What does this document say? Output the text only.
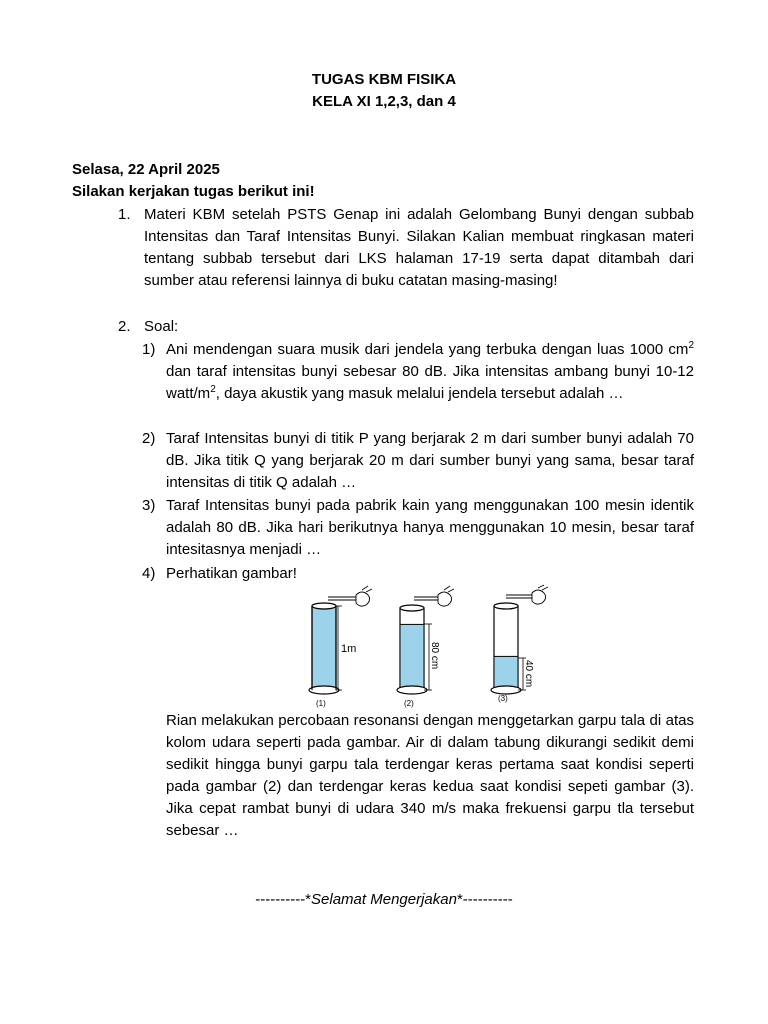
TUGAS KBM FISIKA
KELA XI 1,2,3, dan 4
Selasa, 22 April 2025
Silakan kerjakan tugas berikut ini!
1. Materi KBM setelah PSTS Genap ini adalah Gelombang Bunyi dengan subbab Intensitas dan Taraf Intensitas Bunyi. Silakan Kalian membuat ringkasan materi tentang subbab tersebut dari LKS halaman 17-19 serta dapat ditambah dari sumber atau referensi lainnya di buku catatan masing-masing!
2. Soal:
1) Ani mendengan suara musik dari jendela yang terbuka dengan luas 1000 $cm^2$ dan taraf intensitas bunyi sebesar 80 dB. Jika intensitas ambang bunyi 10-12 watt/$m^2$, daya akustik yang masuk melalui jendela tersebut adalah …
2) Taraf Intensitas bunyi di titik P yang berjarak 2 m dari sumber bunyi adalah 70 dB. Jika titik Q yang berjarak 20 m dari sumber bunyi yang sama, besar taraf intensitas di titik Q adalah …
3) Taraf Intensitas bunyi pada pabrik kain yang menggunakan 100 mesin identik adalah 80 dB. Jika hari berikutnya hanya menggunakan 10 mesin, besar taraf intesitasnya menjadi …
4) Perhatikan gambar!
1m
(1)
80 cm
(2)
40 cm
(3)
Rian melakukan percobaan resonansi dengan menggetarkan garpu tala di atas kolom udara seperti pada gambar. Air di dalam tabung dikurangi sedikit demi sedikit hingga bunyi garpu tala terdengar keras pertama saat kondisi seperti pada gambar (2) dan terdengar keras kedua saat kondisi sepeti gambar (3). Jika cepat rambat bunyi di udara 340 m/s maka frekuensi garpu tla tersebut sebesar …
----------*Selamat Mengerjakan*----------
